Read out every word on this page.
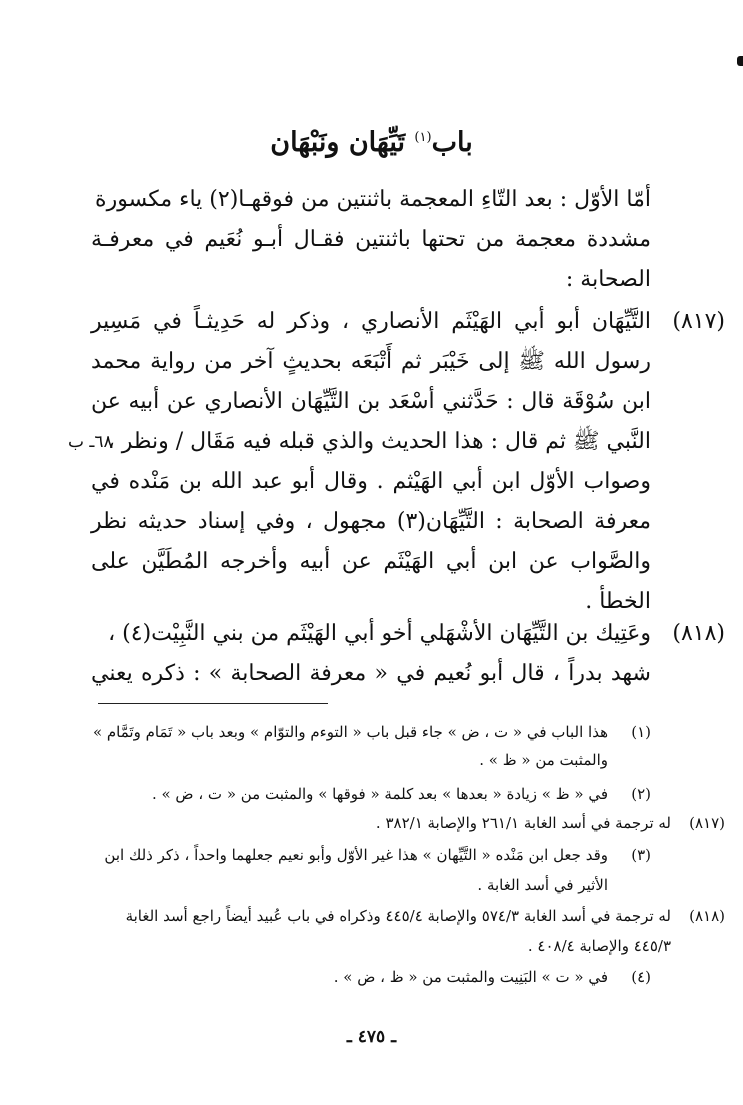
باب$^{(١)}$ تَيِّهَان ونَبْهَان
أمّا الأوّل : بعد التّاءِ المعجمة باثنتين من فوقهـا(٢) ياء مكسورة
مشددة معجمة من تحتها باثنتين فقـال أبـو نُعَيم في معرفـة
الصحابة :
(٨١٧)
التَّيِّهَان أبو أبي الهَيْثَم الأنصاري ، وذكر له حَدِيثـاً في مَسِير
رسول الله ﷺ إلى خَيْبَر ثم أَتْبَعَه بحديثٍ آخر من رواية محمد
ابن سُوْقَة قال : حَدَّثني أسْعَد بن التَّيِّهَان الأنصاري عن أبيه عن
النَّبي ﷺ ثم قال : هذا الحديث والذي قبله فيه مَقَال / ونظر ،
٦٨ـ ب
وصواب الأوّل ابن أبي الهَيْثم . وقال أبو عبد الله بن مَنْده في
معرفة الصحابة : التَّيِّهَان(٣) مجهول ، وفي إسناد حديثه نظر
والصَّواب عن ابن أبي الهَيْثَم عن أبيه وأخرجه المُطَيَّن على
الخطأ .
(٨١٨)
وعَتِيك بن التَّيِّهَان الأشْهَلي أخو أبي الهَيْثَم من بني النَّبِيْت(٤) ،
شهد بدراً ، قال أبو نُعيم في « معرفة الصحابة » : ذكره يعني
(١)
هذا الباب في « ت ، ض » جاء قبل باب « التوءم والتوّام » وبعد باب « تَمَام وتَمَّام »
والمثبت من « ظ » .
(٢)
في « ظ » زيادة « بعدها » بعد كلمة « فوقها » والمثبت من « ت ، ض » .
(٨١٧)
له ترجمة في أسد الغابة ٢٦١/١ والإصابة ٣٨٢/١ .
(٣)
وقد جعل ابن مَنْده « التَّيِّهان » هذا غير الأوّل وأبو نعيم جعلهما واحداً ، ذكر ذلك ابن
الأثير في أسد الغابة .
(٨١٨)
له ترجمة في أسد الغابة ٥٧٤/٣ والإصابة ٤٤٥/٤ وذكراه في باب عُبيد أيضاً راجع أسد الغابة
٤٤٥/٣ والإصابة ٤٠٨/٤ .
(٤)
في « ت » البَنِيت والمثبت من « ظ ، ض » .
ـ ٤٧٥ ـ
